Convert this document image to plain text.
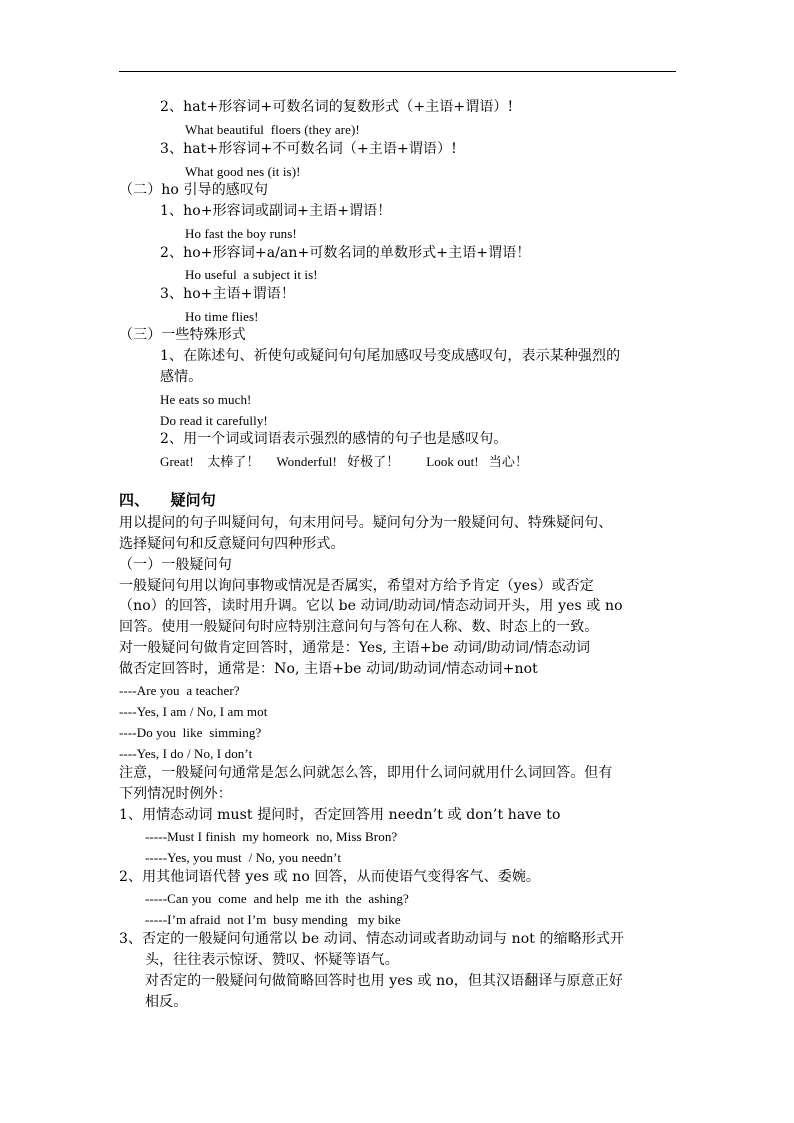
2、hat+形容词+可数名词的复数形式（+主语+谓语）!
What beautiful  floers (they are)!
3、hat+形容词+不可数名词（+主语+谓语）!
What good nes (it is)!
（二）ho 引导的感叹句
1、ho+形容词或副词+主语+谓语！
Ho fast the boy runs!
2、ho+形容词+a/an+可数名词的单数形式+主语+谓语！
Ho useful  a subject it is!
3、ho+主语+谓语！
Ho time flies!
（三）一些特殊形式
1、在陈述句、祈使句或疑问句句尾加感叹号变成感叹句，表示某种强烈的
感情。
He eats so much!
Do read it carefully!
2、用一个词或词语表示强烈的感情的句子也是感叹句。
Great!    太棒了！     Wonderful!   好极了！        Look out!   当心！
四、    疑问句
用以提问的句子叫疑问句，句末用问号。疑问句分为一般疑问句、特殊疑问句、
选择疑问句和反意疑问句四种形式。
（一）一般疑问句
一般疑问句用以询问事物或情况是否属实，希望对方给予肯定（yes）或否定
（no）的回答，读时用升调。它以 be 动词/助动词/情态动词开头，用 yes 或 no
回答。使用一般疑问句时应特别注意问句与答句在人称、数、时态上的一致。
对一般疑问句做肯定回答时，通常是：Yes, 主语+be 动词/助动词/情态动词
做否定回答时，通常是：No, 主语+be 动词/助动词/情态动词+not
----Are you  a teacher?
----Yes, I am / No, I am mot
----Do you  like  simming?
----Yes, I do / No, I don’t
注意，一般疑问句通常是怎么问就怎么答，即用什么词问就用什么词回答。但有
下列情况时例外：
1、用情态动词 must 提问时，否定回答用 needn’t 或 don’t have to
-----Must I finish  my homeork  no, Miss Bron?
-----Yes, you must  / No, you needn’t
2、用其他词语代替 yes 或 no 回答，从而使语气变得客气、委婉。
-----Can you  come  and help  me ith  the  ashing?
-----I’m afraid  not I’m  busy mending   my bike
3、否定的一般疑问句通常以 be 动词、情态动词或者助动词与 not 的缩略形式开
头，往往表示惊讶、赞叹、怀疑等语气。
对否定的一般疑问句做简略回答时也用 yes 或 no，但其汉语翻译与原意正好
相反。
